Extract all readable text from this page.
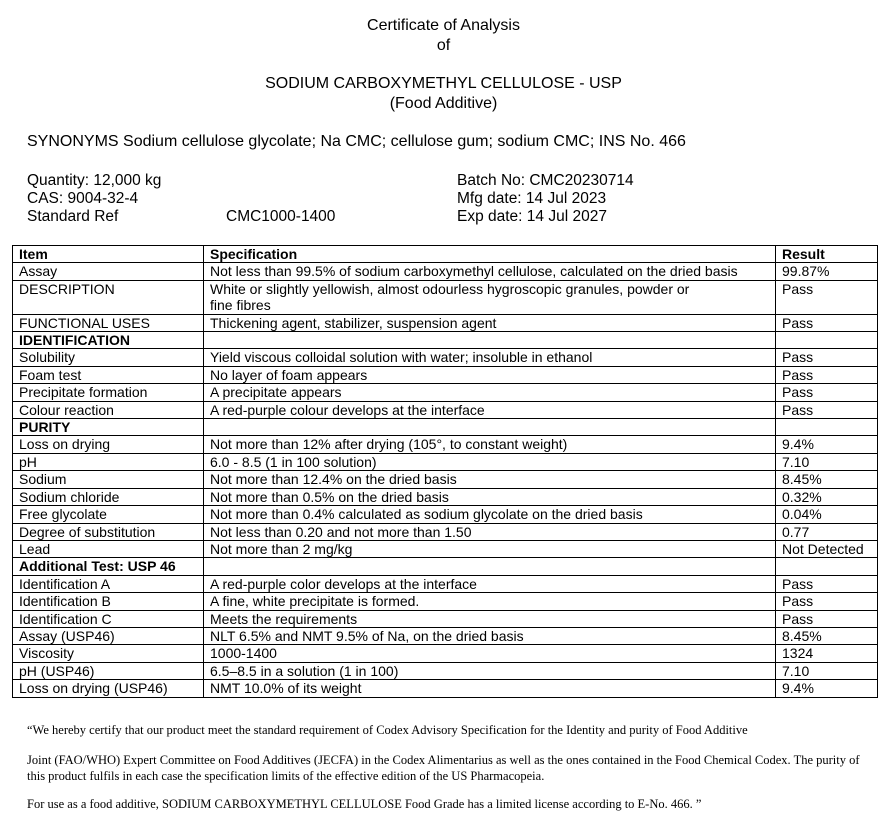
Certificate of Analysis
of
SODIUM CARBOXYMETHYL CELLULOSE - USP
(Food Additive)
SYNONYMS Sodium cellulose glycolate; Na CMC; cellulose gum; sodium CMC; INS No. 466
Quantity: 12,000 kg
CAS: 9004-32-4
Standard Ref	CMC1000-1400
Batch No: CMC20230714
Mfg date: 14 Jul 2023
Exp date: 14 Jul 2027
Item	Specification	Result
Assay	Not less than 99.5% of sodium carboxymethyl cellulose, calculated on the dried basis	99.87%
DESCRIPTION	White or slightly yellowish, almost odourless hygroscopic granules, powder or fine fibres	Pass
FUNCTIONAL USES	Thickening agent, stabilizer, suspension agent	Pass
IDENTIFICATION		
Solubility	Yield viscous colloidal solution with water; insoluble in ethanol	Pass
Foam test	No layer of foam appears	Pass
Precipitate formation	A precipitate appears	Pass
Colour reaction	A red-purple colour develops at the interface	Pass
PURITY		
Loss on drying	Not more than 12% after drying (105°, to constant weight)	9.4%
pH	6.0 - 8.5 (1 in 100 solution)	7.10
Sodium	Not more than 12.4% on the dried basis	8.45%
Sodium chloride	Not more than 0.5% on the dried basis	0.32%
Free glycolate	Not more than 0.4% calculated as sodium glycolate on the dried basis	0.04%
Degree of substitution	Not less than 0.20 and not more than 1.50	0.77
Lead	Not more than 2 mg/kg	Not Detected
Additional Test: USP 46		
Identification A	A red-purple color develops at the interface	Pass
Identification B	A fine, white precipitate is formed.	Pass
Identification C	Meets the requirements	Pass
Assay (USP46)	NLT 6.5% and NMT 9.5% of Na, on the dried basis	8.45%
Viscosity	1000-1400	1324
pH (USP46)	6.5–8.5 in a solution (1 in 100)	7.10
Loss on drying (USP46)	NMT 10.0% of its weight	9.4%
“We hereby certify that our product meet the standard requirement of Codex Advisory Specification for the Identity and purity of Food Additive
Joint (FAO/WHO) Expert Committee on Food Additives (JECFA) in the Codex Alimentarius as well as the ones contained in the Food Chemical Codex. The purity of this product fulfils in each case the specification limits of the effective edition of the US Pharmacopeia.
For use as a food additive, SODIUM CARBOXYMETHYL CELLULOSE Food Grade has a limited license according to E-No. 466. ”
